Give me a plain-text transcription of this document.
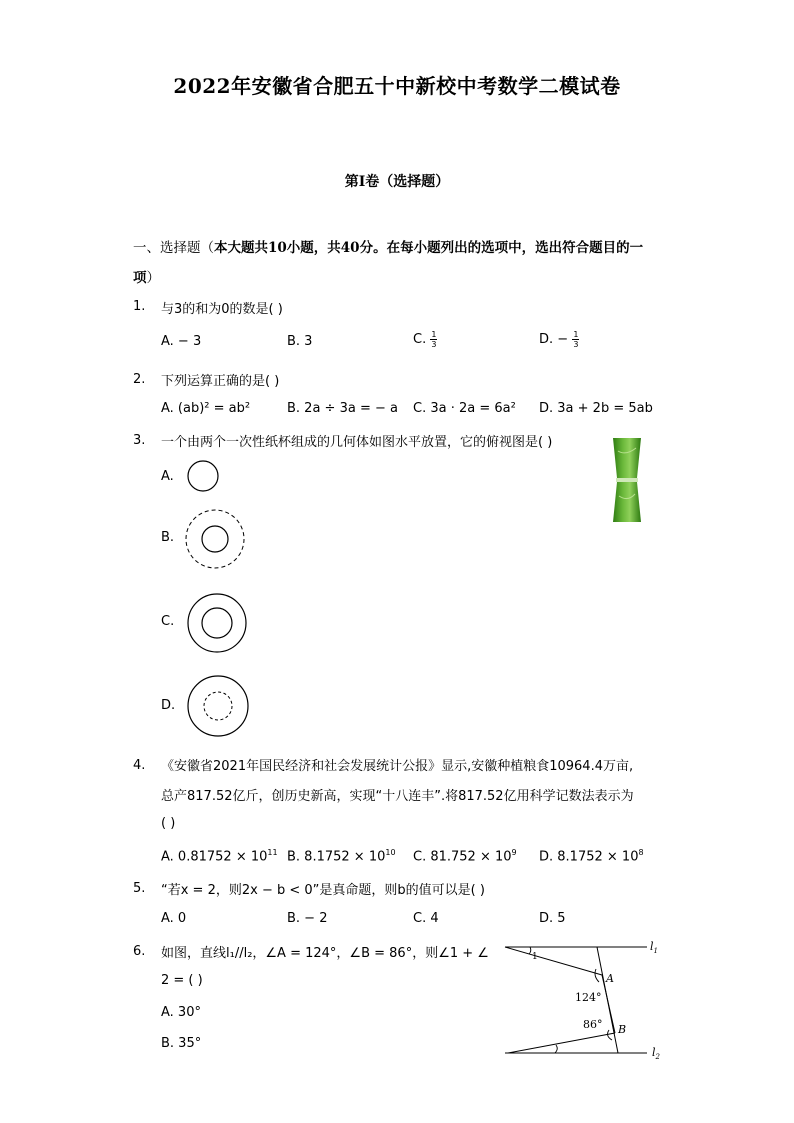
2022年安徽省合肥五十中新校中考数学二模试卷
第I卷（选择题）
一、选择题（本大题共10小题，共40分。在每小题列出的选项中，选出符合题目的一项）
1. 与3的和为0的数是( )
A. − 3	B. 3	C. $\frac{1}{3}$	D. − $\frac{1}{3}$
2. 下列运算正确的是( )
A. (ab)² = ab²	B. 2a ÷ 3a = − a C. 3a · 2a = 6a² D. 3a + 2b = 5ab
3. 一个由两个一次性纸杯组成的几何体如图水平放置，它的俯视图是( )
A.
B.
C.
D.
4. 《安徽省2021年国民经济和社会发展统计公报》显示,安徽种植粮食10964.4万亩,
总产817.52亿斤，创历史新高，实现“十八连丰”.将817.52亿用科学记数法表示为
( )
A. $0.81752 \times 10^{11}$ B. $8.1752 \times 10^{10}$ C. $81.752 \times 10^9$ D. $8.1752 \times 10^8$
5. “若x = 2，则2x − b < 0”是真命题，则b的值可以是( )
A. 0	B. − 2	C. 4	D. 5
6. 如图，直线l₁//l₂，∠A = 124°，∠B = 86°，则∠1 + ∠
2 = ( )
A. 30°
B. 35°
1
A
124°
86° B
$l_1$
$l_2$
